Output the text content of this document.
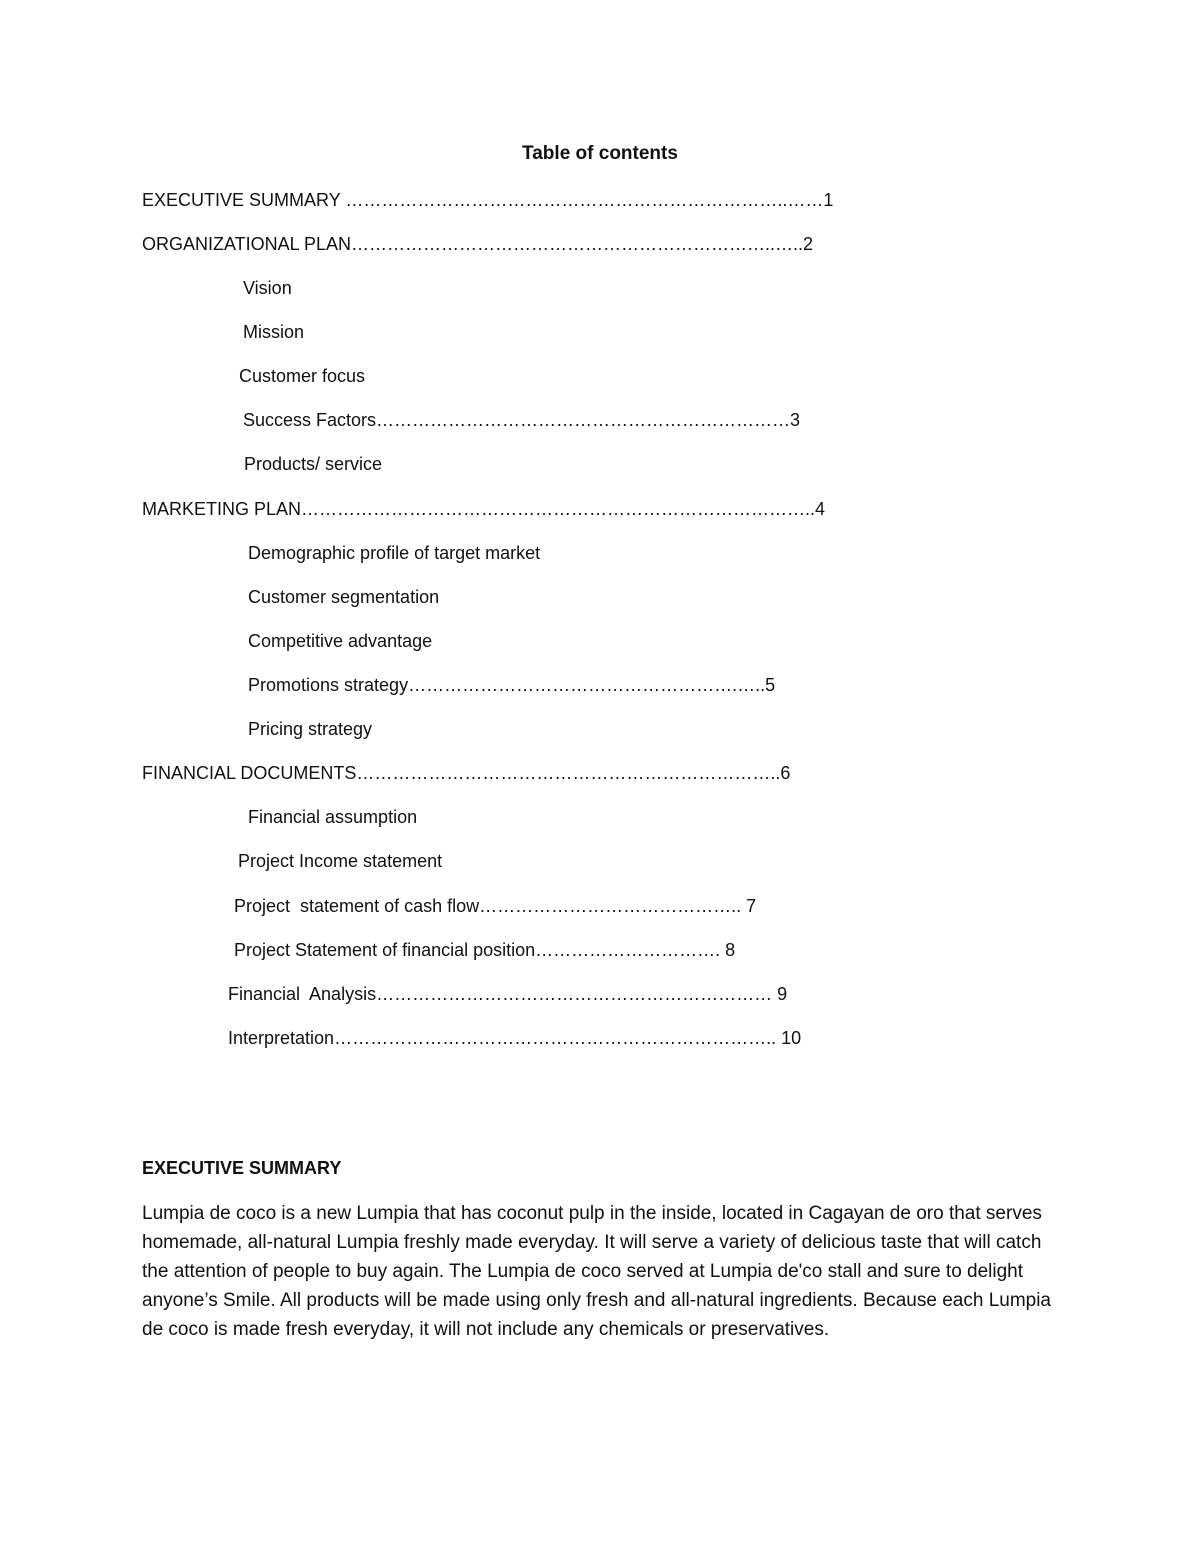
Table of contents
EXECUTIVE SUMMARY ………………………………………………………………..……1
ORGANIZATIONAL PLAN……………………………………………………………..…..2
Vision
Mission
Customer focus
Success Factors……………………………………………………………3
Products/ service
MARKETING PLAN…………………………………………………………………………..4
Demographic profile of target market
Customer segmentation
Competitive advantage
Promotions strategy……………………………………………….…..5
Pricing strategy
FINANCIAL DOCUMENTS……………………………………………………………..6
Financial assumption
Project Income statement
Project  statement of cash flow…………………………………….. 7
Project Statement of financial position…………………………. 8
Financial  Analysis………………………………………………………… 9
Interpretation……………………………………………………………….. 10
EXECUTIVE SUMMARY

Lumpia de coco is a new Lumpia that has coconut pulp in the inside, located in Cagayan de oro that serves homemade, all-natural Lumpia freshly made everyday. It will serve a variety of delicious taste that will catch the attention of people to buy again. The Lumpia de coco served at Lumpia de'co stall and sure to delight anyone’s Smile. All products will be made using only fresh and all-natural ingredients. Because each Lumpia de coco is made fresh everyday, it will not include any chemicals or preservatives.
